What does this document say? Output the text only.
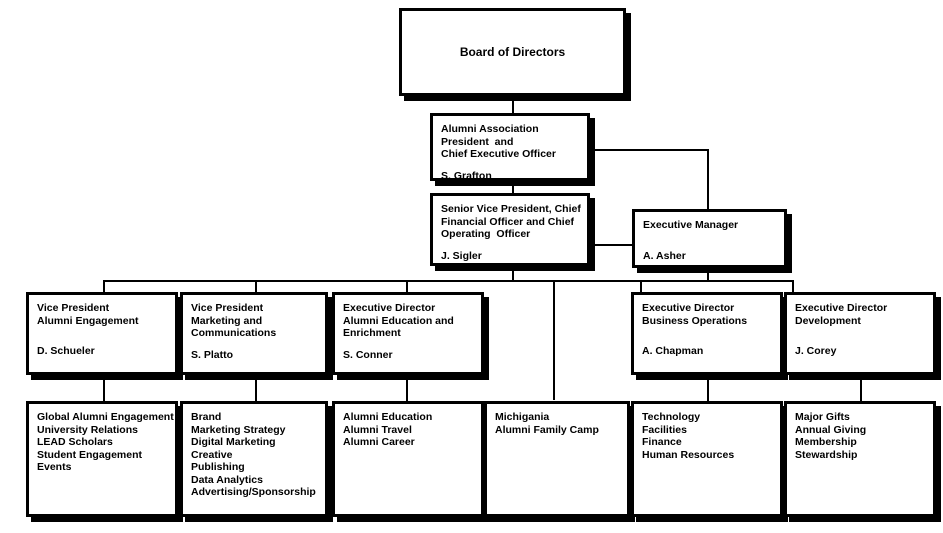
Board of Directors
Alumni Association
President  and
Chief Executive Officer
S. Grafton
Senior Vice President, Chief
Financial Officer and Chief
Operating  Officer
J. Sigler
Executive Manager
A. Asher
Vice President
Alumni Engagement
D. Schueler
Vice President
Marketing and
Communications
S. Platto
Executive Director
Alumni Education and
Enrichment
S. Conner
Executive Director
Business Operations
A. Chapman
Executive Director
Development
J. Corey
Global Alumni Engagement
University Relations
LEAD Scholars
Student Engagement
Events
Brand
Marketing Strategy
Digital Marketing
Creative
Publishing
Data Analytics
Advertising/Sponsorship
Alumni Education
Alumni Travel
Alumni Career
Michigania
Alumni Family Camp
Technology
Facilities
Finance
Human Resources
Major Gifts
Annual Giving
Membership
Stewardship
